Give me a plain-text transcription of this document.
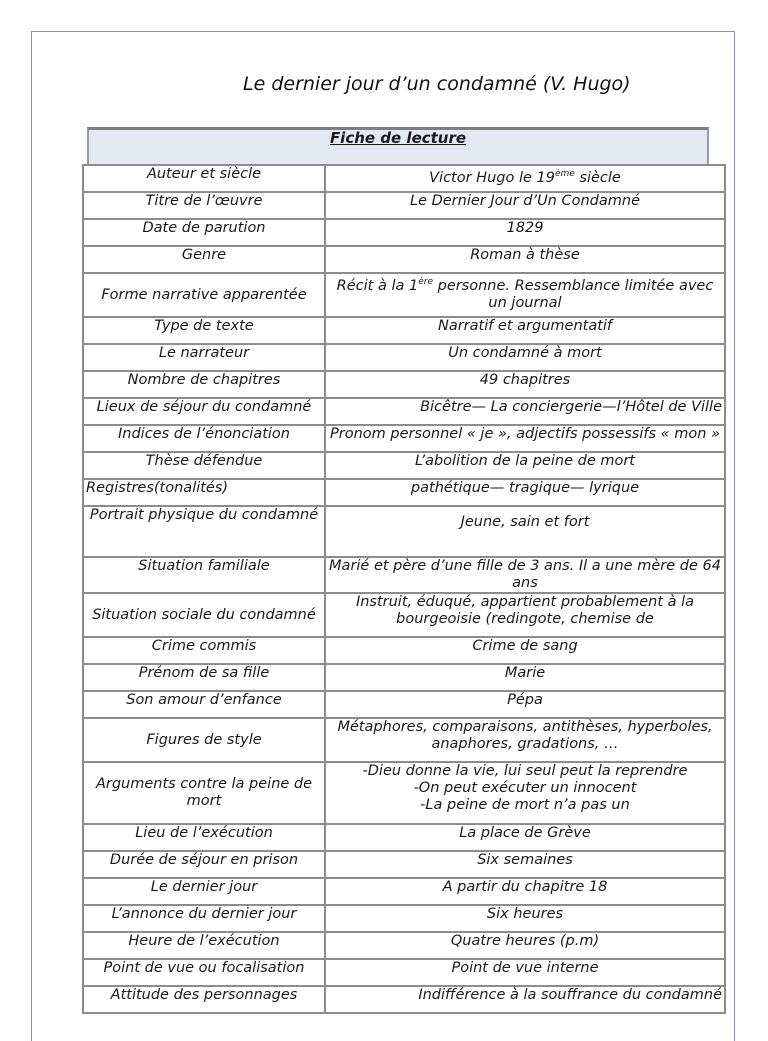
Le dernier jour d’un condamné (V. Hugo)
Fiche de lecture
Auteur et siècle	Victor Hugo le 19ème siècle
Titre de l’œuvre	Le Dernier Jour d’Un Condamné
Date de parution	1829
Genre	Roman à thèse
Forme narrative apparentée	Récit à la 1ère personne. Ressemblance limitée avec un journal
Type de texte	Narratif et argumentatif
Le narrateur	Un condamné à mort
Nombre de chapitres	49 chapitres
Lieux de séjour du condamné	Bicêtre— La conciergerie—l’Hôtel de Ville
Indices de l’énonciation	Pronom personnel « je », adjectifs possessifs « mon »
Thèse défendue	L’abolition de la peine de mort
Registres(tonalités)	pathétique— tragique— lyrique
Portrait physique du condamné	Jeune, sain et fort
Situation familiale	Marié et père d’une fille de 3 ans. Il a une mère de 64 ans
Situation sociale du condamné	Instruit, éduqué, appartient probablement à la bourgeoisie (redingote, chemise de
Crime commis	Crime de sang
Prénom de sa fille	Marie
Son amour d’enfance	Pépa
Figures de style	Métaphores, comparaisons, antithèses, hyperboles, anaphores, gradations, …
Arguments contre la peine de mort	-Dieu donne la vie, lui seul peut la reprendre
-On peut exécuter un innocent
-La peine de mort n’a pas un
Lieu de l’exécution	La place de Grève
Durée de séjour en prison	Six semaines
Le dernier jour	A partir du chapitre 18
L’annonce du dernier jour	Six heures
Heure de l’exécution	Quatre heures (p.m)
Point de vue ou focalisation	Point de vue interne
Attitude des personnages	Indifférence à la souffrance du condamné
